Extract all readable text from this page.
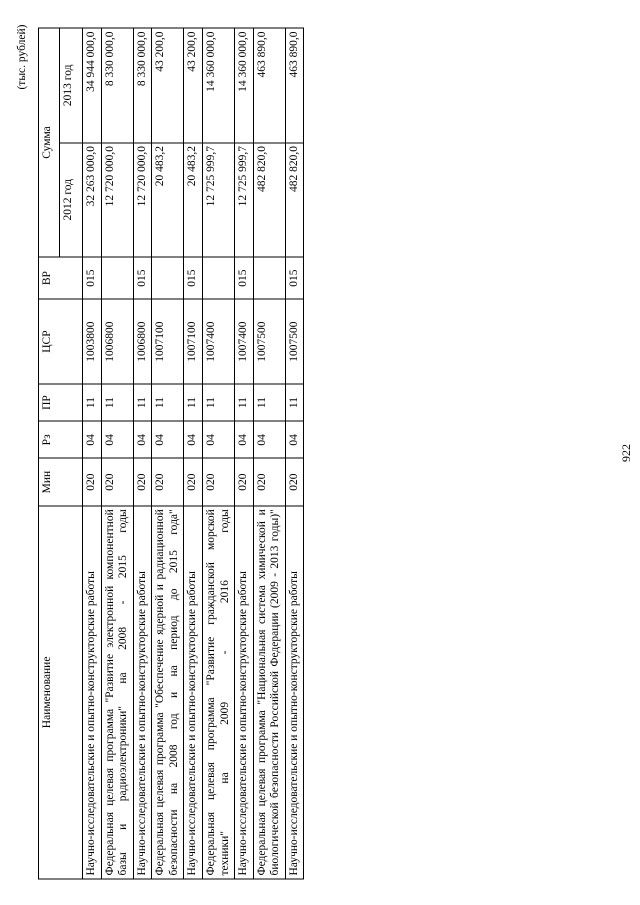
(тыс. рублей)
Наименование	Мин	Рз	ПР	ЦСР	ВР	Сумма	
						2012 год	2013 год
Научно-исследовательские и опытно-конструкторские работы	020	04	11	1003800	015	32 263 000,0	34 944 000,0
Федеральная целевая программа "Развитие электронной компонентной базы и радиоэлектроники" на 2008 - 2015 годы	020	04	11	1006800		12 720 000,0	8 330 000,0
Научно-исследовательские и опытно-конструкторские работы	020	04	11	1006800	015	12 720 000,0	8 330 000,0
Федеральная целевая программа "Обеспечение ядерной и радиационной безопасности на 2008 год и на период до 2015 года"	020	04	11	1007100		20 483,2	43 200,0
Научно-исследовательские и опытно-конструкторские работы	020	04	11	1007100	015	20 483,2	43 200,0
Федеральная целевая программа "Развитие гражданской морской техники" на 2009 - 2016 годы	020	04	11	1007400		12 725 999,7	14 360 000,0
Научно-исследовательские и опытно-конструкторские работы	020	04	11	1007400	015	12 725 999,7	14 360 000,0
Федеральная целевая программа "Национальная система химической и биологической безопасности Российской Федерации (2009 - 2013 годы)"	020	04	11	1007500		482 820,0	463 890,0
Научно-исследовательские и опытно-конструкторские работы	020	04	11	1007500	015	482 820,0	463 890,0
922
